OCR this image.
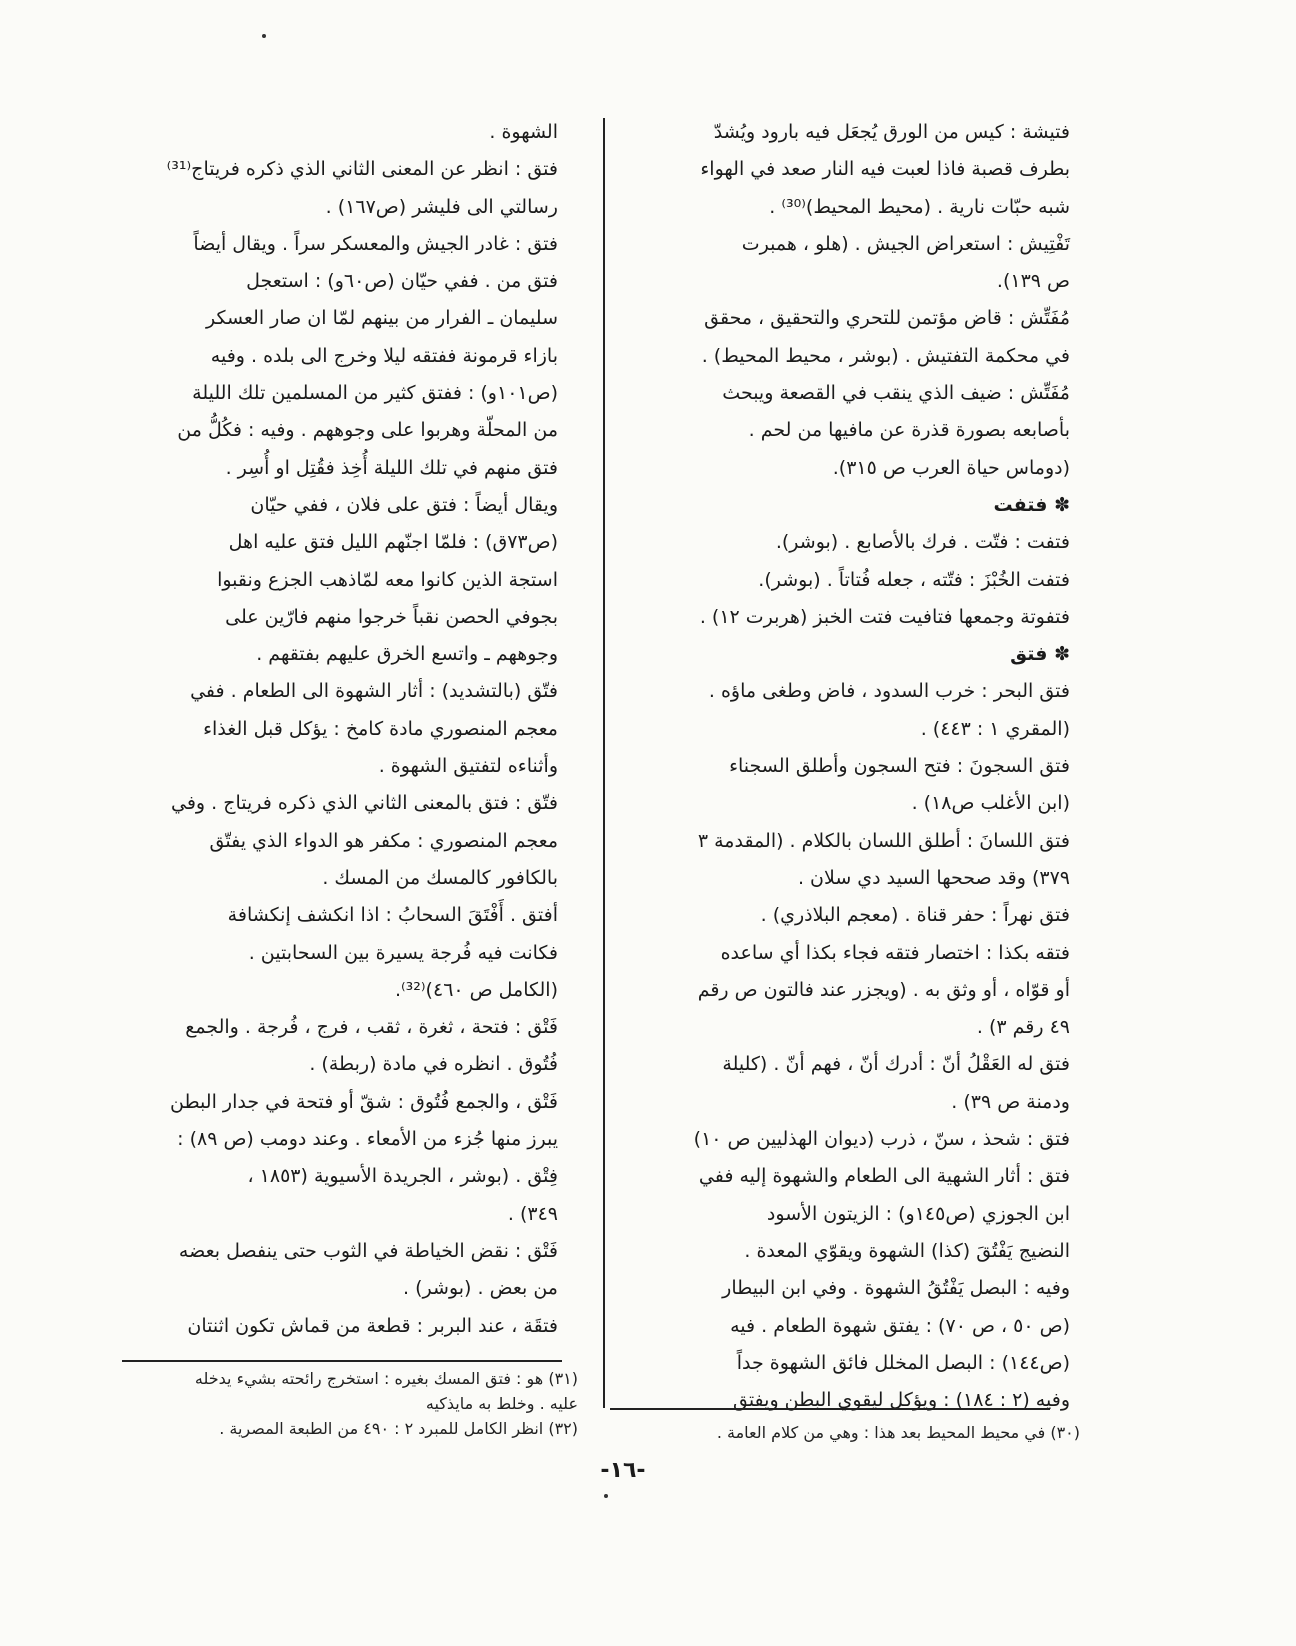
فتيشة : كيس من الورق يُجعَل فيه بارود ويُشدّ

بطرف قصبة فاذا لعبت فيه النار صعد في الهواء

شبه حبّات نارية . (محيط المحيط)⁽³⁰⁾ .

تَفْتِيش : استعراض الجيش . (هلو ، همبرت

ص ١٣٩).

مُفَتِّش : قاض مؤتمن للتحري والتحقيق ، محقق

في محكمة التفتيش . (بوشر ، محيط المحيط) .

مُفَتِّش : ضيف الذي ينقب في القصعة ويبحث

بأصابعه بصورة قذرة عن مافيها من لحم .

(دوماس حياة العرب ص ٣١٥).

✽ فتفت

فتفت : فتّت . فرك بالأصابع . (بوشر).

فتفت الخُبْزَ : فتّته ، جعله فُتاتاً . (بوشر).

فتفوتة وجمعها فتافيت فتت الخبز (هربرت ١٢) .

✽ فتق

فتق البحر : خرب السدود ، فاض وطغى ماؤه .

(المقري ١ : ٤٤٣) .

فتق السجونَ : فتح السجون وأطلق السجناء

(ابن الأغلب ص١٨) .

فتق اللسانَ : أطلق اللسان بالكلام . (المقدمة ٣

٣٧٩) وقد صححها السيد دي سلان .

فتق نهراً : حفر قناة . (معجم البلاذري) .

فتقه بكذا : اختصار فتقه فجاء بكذا أي ساعده

أو قوّاه ، أو وثق به . (ويجزر عند فالتون ص رقم

٤٩ رقم ٣) .

فتق له العَقْلُ أنّ : أدرك أنّ ، فهم أنّ . (كليلة

ودمنة ص ٣٩) .

فتق : شحذ ، سنّ ، ذرب (ديوان الهذليين ص ١٠)

فتق : أثار الشهية الى الطعام والشهوة إليه ففي

ابن الجوزي (ص١٤٥و) : الزيتون الأسود

النضيج يَفْتُقَ (كذا) الشهوة ويقوّي المعدة .

وفيه : البصل يَفْتُقُ الشهوة . وفي ابن البيطار

(ص ٥٠ ، ص ٧٠) : يفتق شهوة الطعام . فيه

(ص١٤٤) : البصل المخلل فائق الشهوة جداً

وفيه (٢ : ١٨٤) : ويؤكل ليقوي البطن ويفتق

الشهوة .

فتق : انظر عن المعنى الثاني الذي ذكره فريتاج⁽³¹⁾

رسالتي الى فليشر (ص١٦٧) .

فتق : غادر الجيش والمعسكر سراً . ويقال أيضاً

فتق من . ففي حيّان (ص٦٠و) : استعجل

سليمان ـ الفرار من بينهم لمّا ان صار العسكر

بازاء قرمونة ففتقه ليلا وخرج الى بلده . وفيه

(ص١٠١و) : ففتق كثير من المسلمين تلك الليلة

من المحلّة وهربوا على وجوههم . وفيه : فكُلُّ من

فتق منهم في تلك الليلة أُخِذ فقُتِل او أُسِر .

ويقال أيضاً : فتق على فلان ، ففي حيّان

(ص٧٣ق) : فلمّا اجنّهم الليل فتق عليه اهل

استجة الذين كانوا معه لمّاذهب الجزع ونقبوا

بجوفي الحصن نقباً خرجوا منهم فارّين على

وجوههم ـ واتسع الخرق عليهم بفتقهم .

فتّق (بالتشديد) : أثار الشهوة الى الطعام . ففي

معجم المنصوري مادة كامخ : يؤكل قبل الغذاء

وأثناءه لتفتيق الشهوة .

فتّق : فتق بالمعنى الثاني الذي ذكره فريتاج . وفي

معجم المنصوري : مكفر هو الدواء الذي يفتّق

بالكافور كالمسك من المسك .

أفتق . أَفْتَقَ السحابُ : اذا انكشف إنكشافة

فكانت فيه فُرجة يسيرة بين السحابتين .

(الكامل ص ٤٦٠)⁽³²⁾.

فَتْق : فتحة ، ثغرة ، ثقب ، فرج ، فُرجة . والجمع

فُتُوق . انظره في مادة (ربطة) .

فَتْق ، والجمع فُتُوق : شقّ أو فتحة في جدار البطن

يبرز منها جُزء من الأمعاء . وعند دومب (ص ٨٩) :

فِتْق . (بوشر ، الجريدة الأسيوية (١٨٥٣ ،

٣٤٩) .

فَتْق : نقض الخياطة في الثوب حتى ينفصل بعضه

من بعض . (بوشر) .

فتقَة ، عند البربر : قطعة من قماش تكون اثنتان

(٣٠) في محيط المحيط بعد هذا : وهي من كلام العامة .
(٣١) هو : فتق المسك بغيره : استخرج رائحته بشيء يدخله
عليه . وخلط به مايذكيه
(٣٢) انظر الكامل للمبرد ٢ : ٤٩٠ من الطبعة المصرية .
-١٦-
